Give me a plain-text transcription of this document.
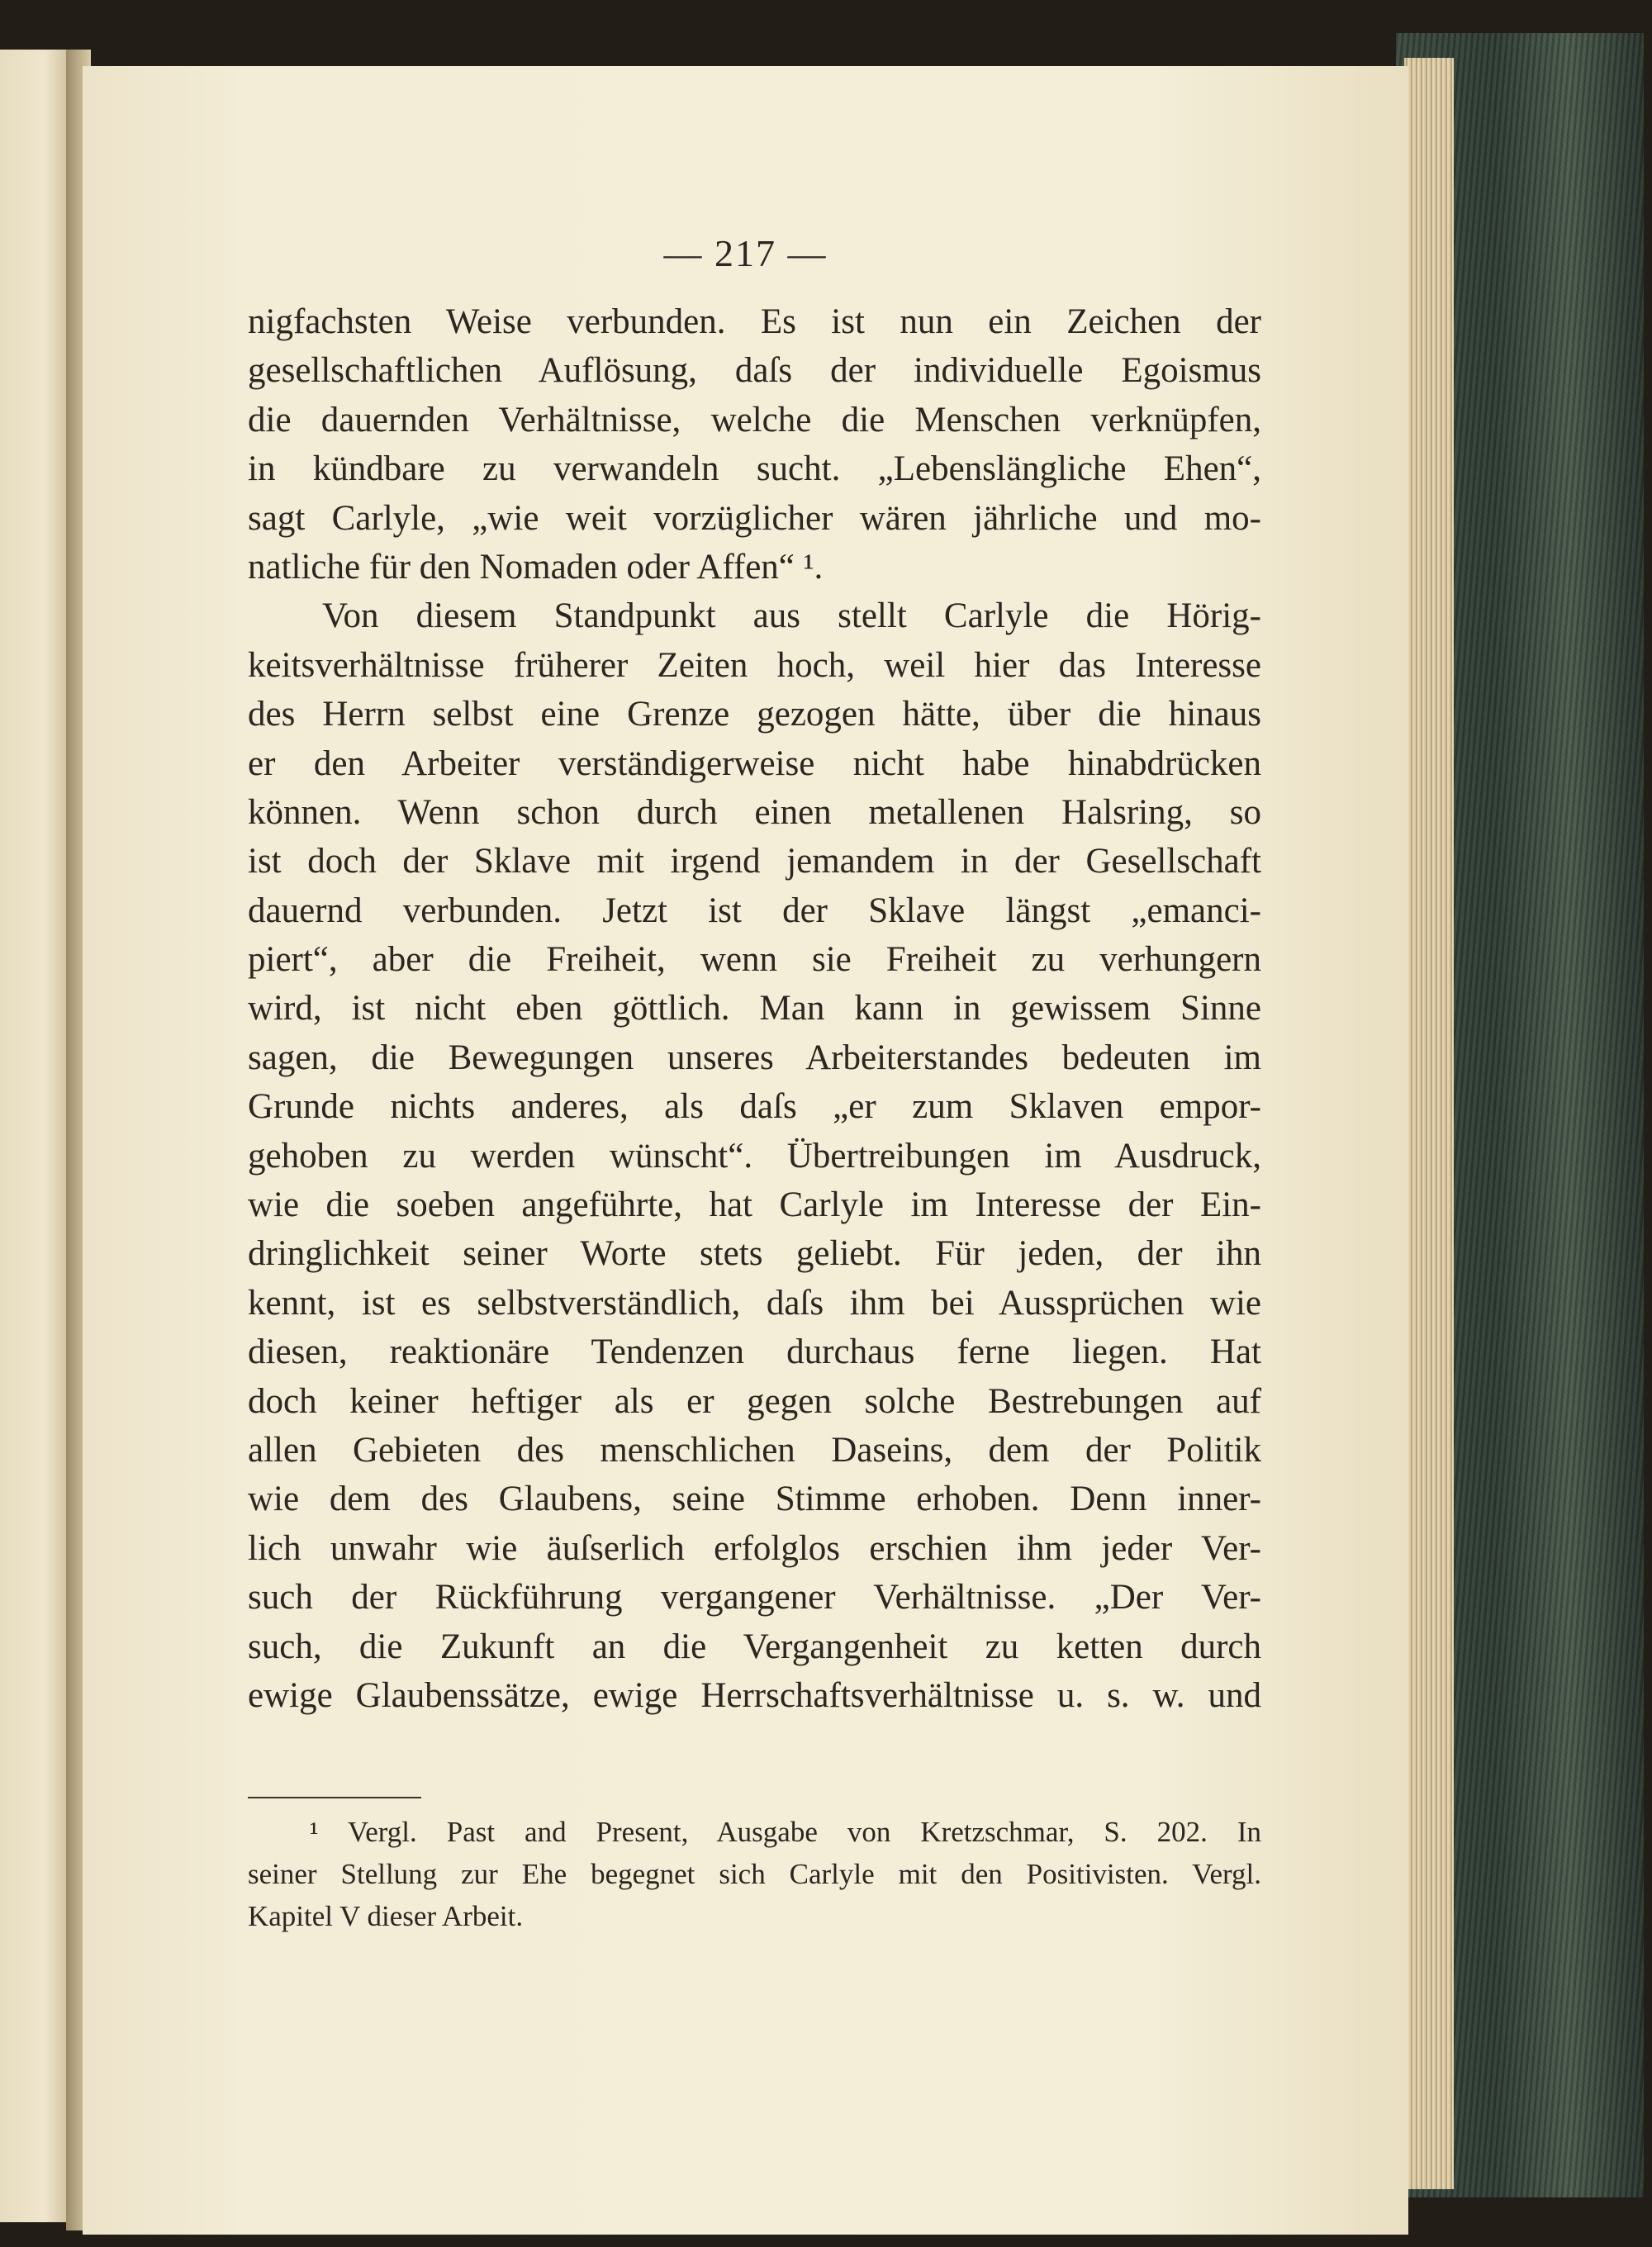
— 217 —
nigfachsten Weise verbunden. Es ist nun ein Zeichen der
gesellschaftlichen Auflösung, daſs der individuelle Egoismus
die dauernden Verhältnisse, welche die Menschen verknüpfen,
in kündbare zu verwandeln sucht. „Lebenslängliche Ehen“,
sagt Carlyle, „wie weit vorzüglicher wären jährliche und mo-
natliche für den Nomaden oder Affen“ ¹.
Von diesem Standpunkt aus stellt Carlyle die Hörig-
keitsverhältnisse früherer Zeiten hoch, weil hier das Interesse
des Herrn selbst eine Grenze gezogen hätte, über die hinaus
er den Arbeiter verständigerweise nicht habe hinabdrücken
können. Wenn schon durch einen metallenen Halsring, so
ist doch der Sklave mit irgend jemandem in der Gesellschaft
dauernd verbunden. Jetzt ist der Sklave längst „emanci-
piert“, aber die Freiheit, wenn sie Freiheit zu verhungern
wird, ist nicht eben göttlich. Man kann in gewissem Sinne
sagen, die Bewegungen unseres Arbeiterstandes bedeuten im
Grunde nichts anderes, als daſs „er zum Sklaven empor-
gehoben zu werden wünscht“. Übertreibungen im Ausdruck,
wie die soeben angeführte, hat Carlyle im Interesse der Ein-
dringlichkeit seiner Worte stets geliebt. Für jeden, der ihn
kennt, ist es selbstverständlich, daſs ihm bei Aussprüchen wie
diesen, reaktionäre Tendenzen durchaus ferne liegen. Hat
doch keiner heftiger als er gegen solche Bestrebungen auf
allen Gebieten des menschlichen Daseins, dem der Politik
wie dem des Glaubens, seine Stimme erhoben. Denn inner-
lich unwahr wie äuſserlich erfolglos erschien ihm jeder Ver-
such der Rückführung vergangener Verhältnisse. „Der Ver-
such, die Zukunft an die Vergangenheit zu ketten durch
ewige Glaubenssätze, ewige Herrschaftsverhältnisse u. s. w. und
¹ Vergl. Past and Present, Ausgabe von Kretzschmar, S. 202. In
seiner Stellung zur Ehe begegnet sich Carlyle mit den Positivisten. Vergl.
Kapitel V dieser Arbeit.
